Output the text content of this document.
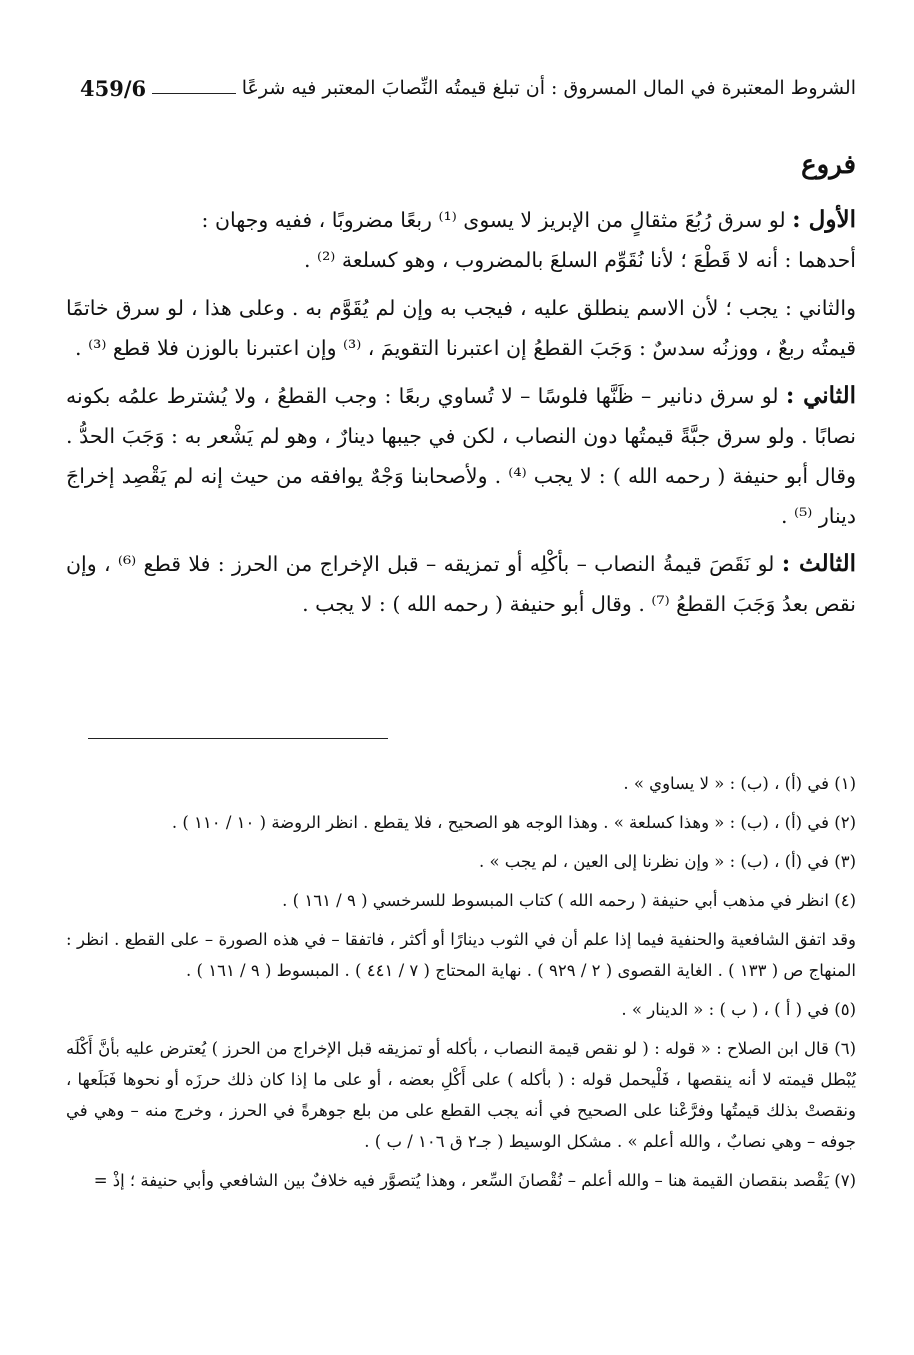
459/6	الشروط المعتبرة في المال المسروق : أن تبلغ قيمتُه النِّصابَ المعتبر فيه شرعًا
فروع

الأول : لو سرق رُبُعَ مثقالٍ من الإبريز لا يسوى ⁽¹⁾ ربعًا مضروبًا ، ففيه وجهان :

أحدهما : أنه لا قَطْعَ ؛ لأنا نُقَوِّم السلعَ بالمضروب ، وهو كسلعة ⁽²⁾ .

والثاني : يجب ؛ لأن الاسم ينطلق عليه ، فيجب به وإن لم يُقَوَّم به . وعلى هذا ، لو سرق خاتمًا قيمتُه ربعٌ ، ووزنُه سدسٌ : وَجَبَ القطعُ إن اعتبرنا التقويمَ ، ⁽³⁾ وإن اعتبرنا بالوزن فلا قطع ⁽³⁾ .

الثاني : لو سرق دنانير – ظَنَّها فلوسًا – لا تُساوي ربعًا : وجب القطعُ ، ولا يُشترط علمُه بكونه نصابًا . ولو سرق جبَّةً قيمتُها دون النصاب ، لكن في جيبها دينارٌ ، وهو لم يَشْعر به : وَجَبَ الحدُّ . وقال أبو حنيفة ( رحمه الله ) : لا يجب ⁽⁴⁾ . ولأصحابنا وَجْهٌ يوافقه من حيث إنه لم يَقْصِد إخراجَ دينار ⁽⁵⁾ .

الثالث : لو نَقَصَ قيمةُ النصاب – بأكْلِه أو تمزيقه – قبل الإخراج من الحرز : فلا قطع ⁽⁶⁾ ، وإن نقص بعدُ وَجَبَ القطعُ ⁽⁷⁾ . وقال أبو حنيفة ( رحمه الله ) : لا يجب .

(١) في (أ) ، (ب) : « لا يساوي » .

(٢) في (أ) ، (ب) : « وهذا كسلعة » . وهذا الوجه هو الصحيح ، فلا يقطع . انظر الروضة ( ١٠ / ١١٠ ) .

(٣) في (أ) ، (ب) : « وإن نظرنا إلى العين ، لم يجب » .

(٤) انظر في مذهب أبي حنيفة ( رحمه الله ) كتاب المبسوط للسرخسي ( ٩ / ١٦١ ) .

وقد اتفق الشافعية والحنفية فيما إذا علم أن في الثوب دينارًا أو أكثر ، فاتفقا – في هذه الصورة – على القطع . انظر : المنهاج ص ( ١٣٣ ) . الغاية القصوى ( ٢ / ٩٢٩ ) . نهاية المحتاج ( ٧ / ٤٤١ ) . المبسوط ( ٩ / ١٦١ ) .

(٥) في ( أ ) ، ( ب ) : « الدينار » .

(٦) قال ابن الصلاح : « قوله : ( لو نقص قيمة النصاب ، بأكله أو تمزيقه قبل الإخراج من الحرز ) يُعترض عليه بأنَّ أَكْلَه يُبْطل قيمته لا أنه ينقصها ، فَلْيحمل قوله : ( بأكله ) على أَكْلِ بعضه ، أو على ما إذا كان ذلك حرزَه أو نحوها فَبَلَعها ، ونقصتْ بذلك قيمتُها وفرَّعْنا على الصحيح في أنه يجب القطع على من بلع جوهرةً في الحرز ، وخرج منه – وهي في جوفه – وهي نصابٌ ، والله أعلم » . مشكل الوسيط ( جـ٢ ق ١٠٦ / ب ) .

(٧) يَقْصد بنقصان القيمة هنا – والله أعلم – نُقْصانَ السِّعر ، وهذا يُتصوَّر فيه خلافٌ بين الشافعي وأبي حنيفة ؛ إذْ =
